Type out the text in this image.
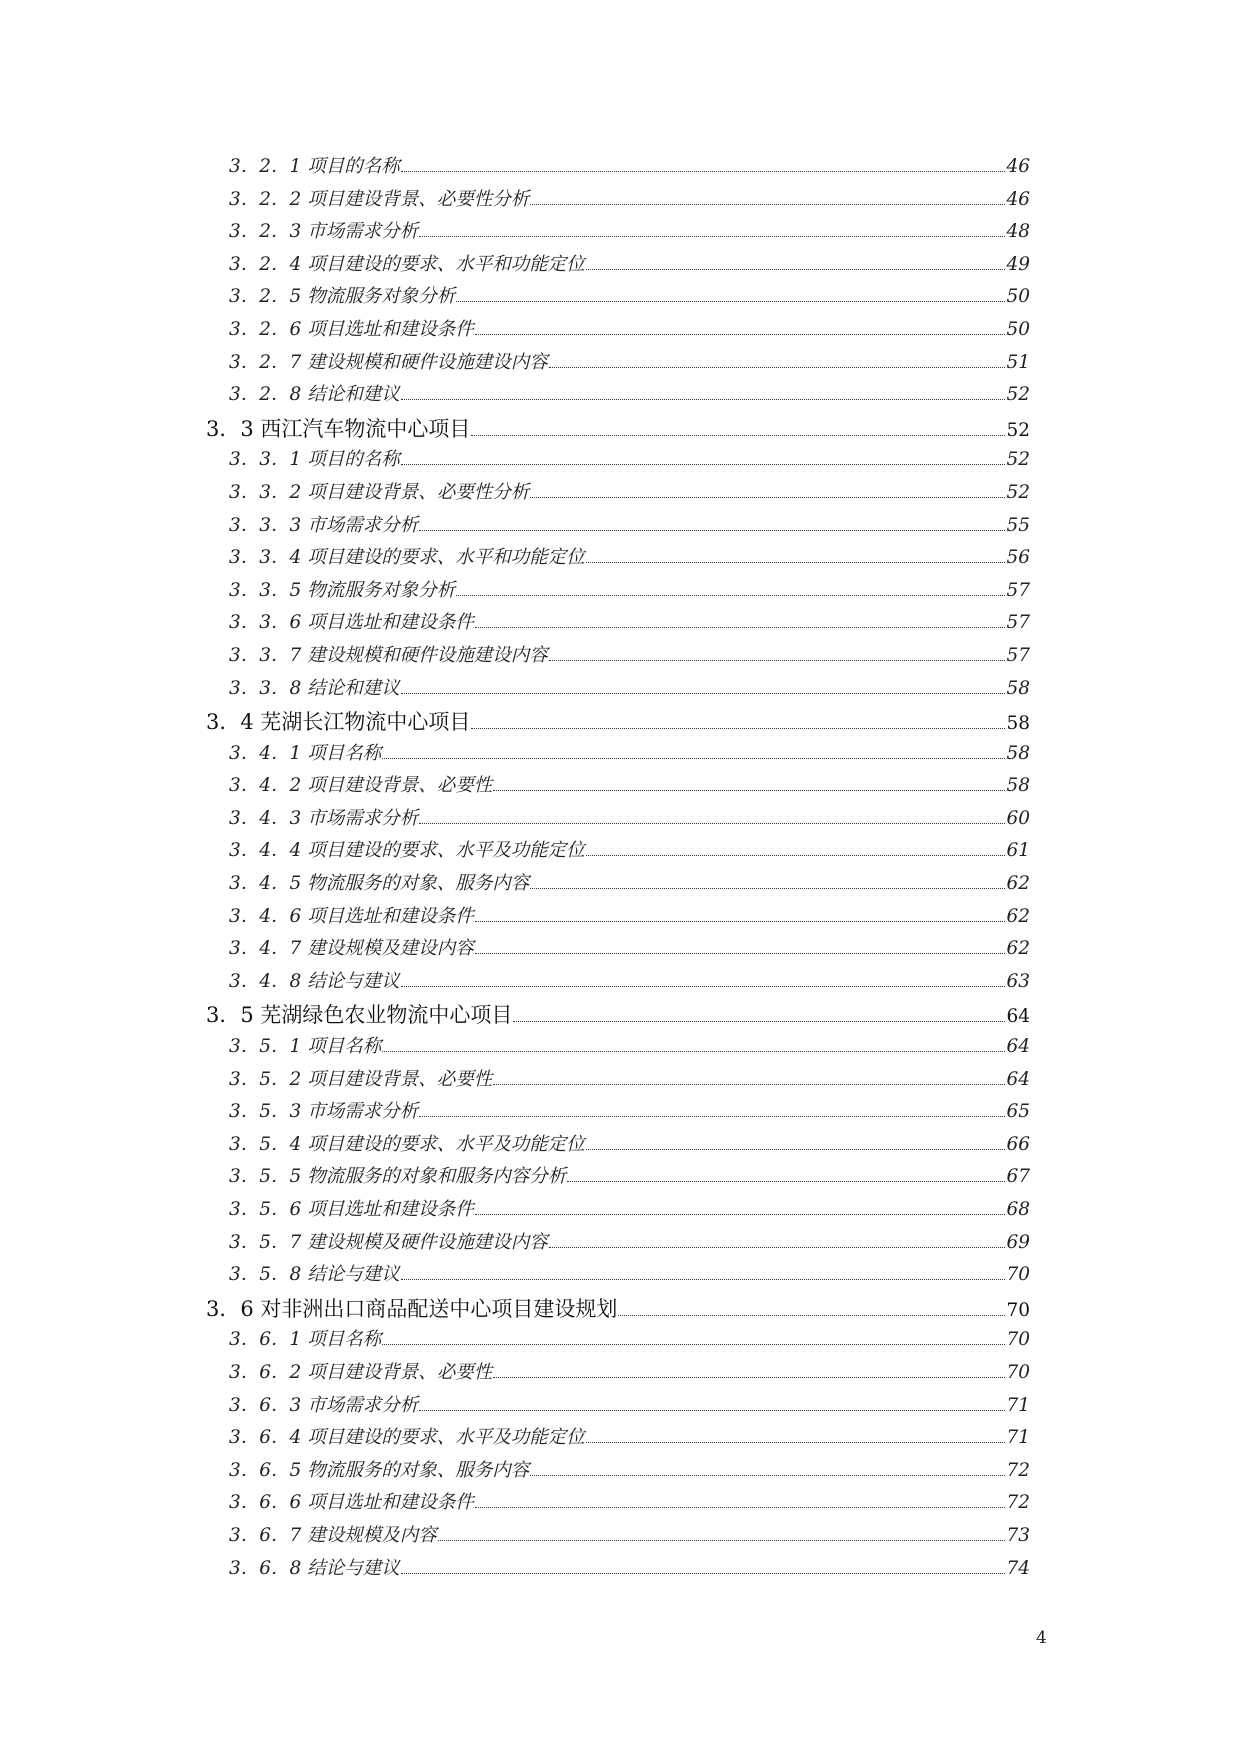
3．2．1 项目的名称	46
3．2．2 项目建设背景、必要性分析	46
3．2．3 市场需求分析	48
3．2．4 项目建设的要求、水平和功能定位	49
3．2．5 物流服务对象分析	50
3．2．6 项目选址和建设条件	50
3．2．7 建设规模和硬件设施建设内容	51
3．2．8 结论和建议	52
3．3 西江汽车物流中心项目	52
3．3．1 项目的名称	52
3．3．2 项目建设背景、必要性分析	52
3．3．3 市场需求分析	55
3．3．4 项目建设的要求、水平和功能定位	56
3．3．5 物流服务对象分析	57
3．3．6 项目选址和建设条件	57
3．3．7 建设规模和硬件设施建设内容	57
3．3．8 结论和建议	58
3．4 芜湖长江物流中心项目	58
3．4．1 项目名称	58
3．4．2 项目建设背景、必要性	58
3．4．3 市场需求分析	60
3．4．4 项目建设的要求、水平及功能定位	61
3．4．5 物流服务的对象、服务内容	62
3．4．6 项目选址和建设条件	62
3．4．7 建设规模及建设内容	62
3．4．8 结论与建议	63
3．5 芜湖绿色农业物流中心项目	64
3．5．1 项目名称	64
3．5．2 项目建设背景、必要性	64
3．5．3 市场需求分析	65
3．5．4 项目建设的要求、水平及功能定位	66
3．5．5 物流服务的对象和服务内容分析	67
3．5．6 项目选址和建设条件	68
3．5．7 建设规模及硬件设施建设内容	69
3．5．8 结论与建议	70
3．6 对非洲出口商品配送中心项目建设规划	70
3．6．1 项目名称	70
3．6．2 项目建设背景、必要性	70
3．6．3 市场需求分析	71
3．6．4 项目建设的要求、水平及功能定位	71
3．6．5 物流服务的对象、服务内容	72
3．6．6 项目选址和建设条件	72
3．6．7 建设规模及内容	73
3．6．8 结论与建议	74
4
